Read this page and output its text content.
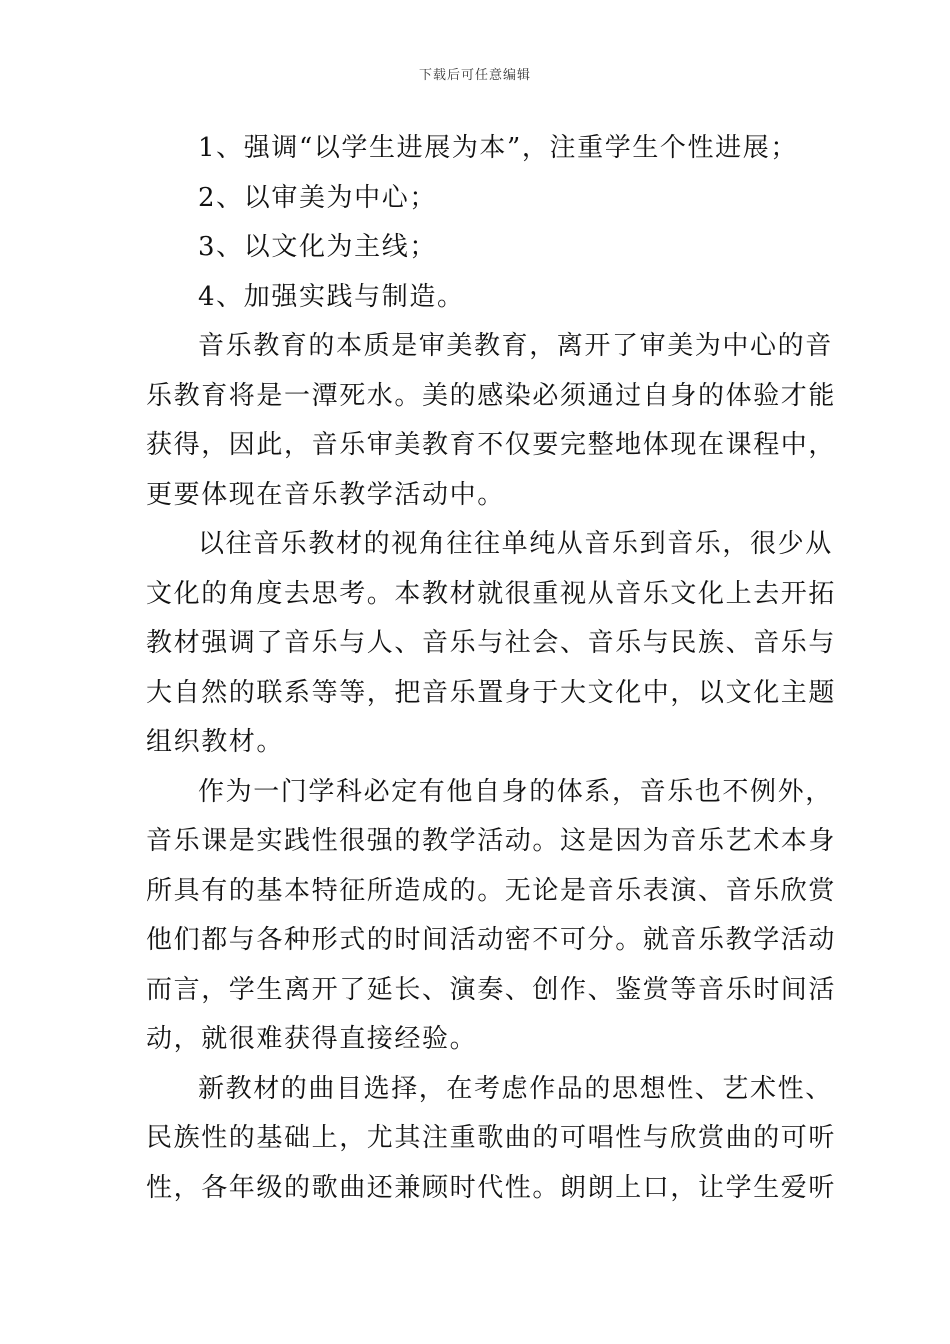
下载后可任意编辑
1、强调“以学生进展为本”，注重学生个性进展；
2、以审美为中心；
3、以文化为主线；
4、加强实践与制造。
音乐教育的本质是审美教育，离开了审美为中心的音
乐教育将是一潭死水。美的感染必须通过自身的体验才能
获得，因此，音乐审美教育不仅要完整地体现在课程中，
更要体现在音乐教学活动中。
以往音乐教材的视角往往单纯从音乐到音乐，很少从
文化的角度去思考。本教材就很重视从音乐文化上去开拓
教材强调了音乐与人、音乐与社会、音乐与民族、音乐与
大自然的联系等等，把音乐置身于大文化中，以文化主题
组织教材。
作为一门学科必定有他自身的体系，音乐也不例外，
音乐课是实践性很强的教学活动。这是因为音乐艺术本身
所具有的基本特征所造成的。无论是音乐表演、音乐欣赏
他们都与各种形式的时间活动密不可分。就音乐教学活动
而言，学生离开了延长、演奏、创作、鉴赏等音乐时间活
动，就很难获得直接经验。
新教材的曲目选择，在考虑作品的思想性、艺术性、
民族性的基础上，尤其注重歌曲的可唱性与欣赏曲的可听
性，各年级的歌曲还兼顾时代性。朗朗上口，让学生爱听
